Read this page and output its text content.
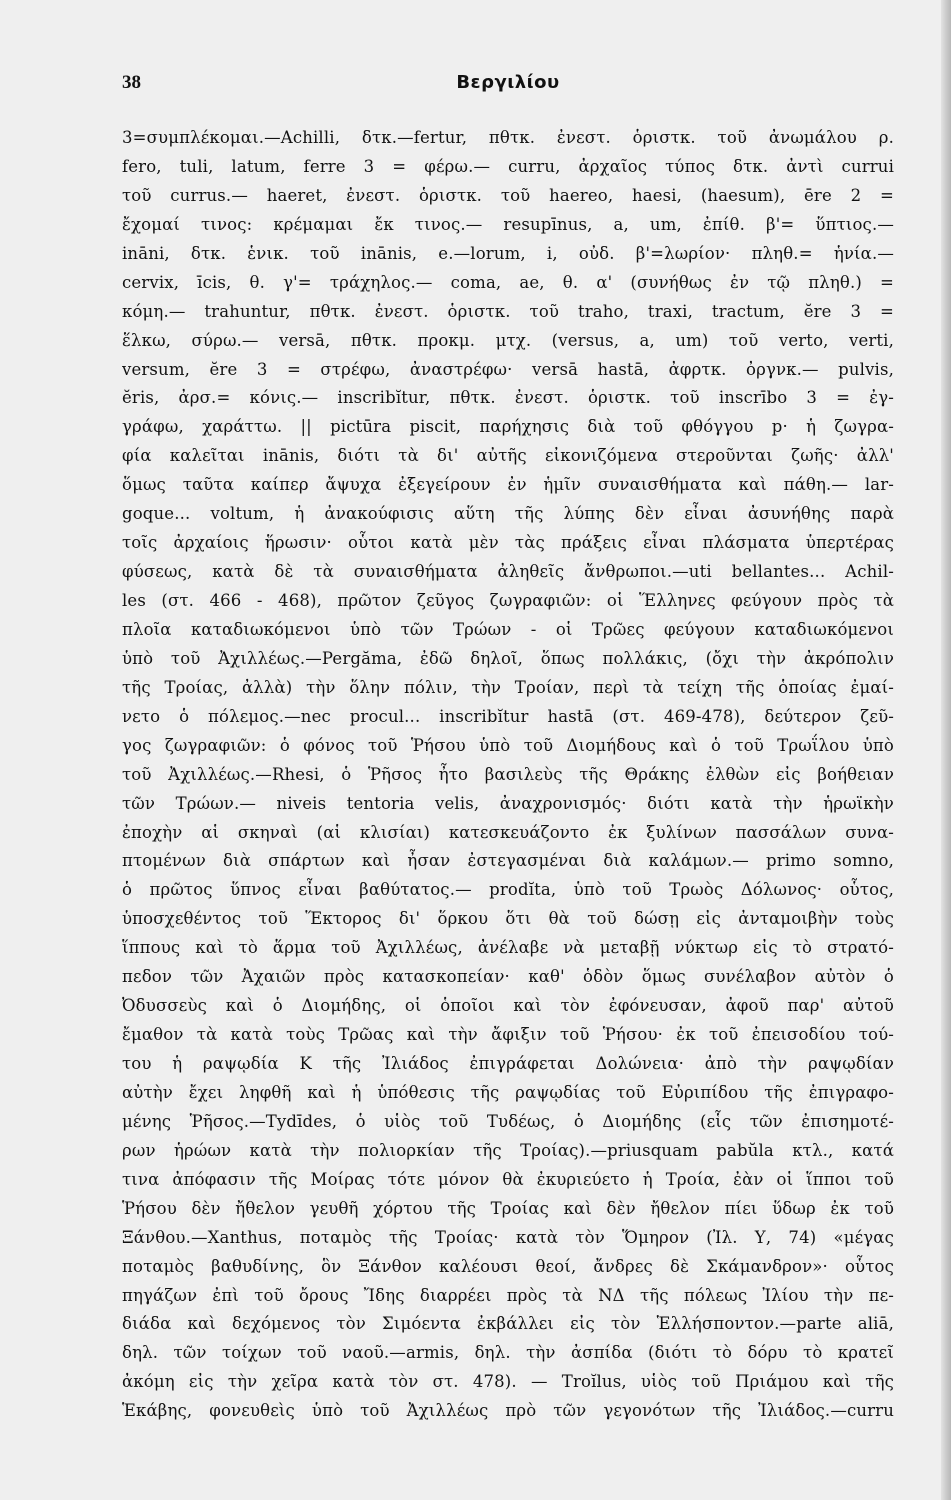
38	Βεργιλίου
3=συμπλέκομαι.—Achilli, δτκ.—fertur, πθτκ. ἐνεστ. ὁριστκ. τοῦ ἀνωμάλου ρ.
fero, tuli, latum, ferre 3 = φέρω.— curru, ἀρχαῖος τύπος δτκ. ἀντὶ currui
τοῦ currus.— haeret, ἐνεστ. ὁριστκ. τοῦ haereo, haesi, (haesum), ēre 2 =
ἔχομαί τινος: κρέμαμαι ἔκ τινος.— resupīnus, a, um, ἐπίθ. β'= ὕπτιος.—
inānі, δτκ. ἑνικ. τοῦ inānis, e.—lorum, i, οὐδ. β'=λωρίον· πληθ.= ἡνία.—
cervix, īcis, θ. γ'= τράχηλος.— coma, ae, θ. α' (συνήθως ἐν τῷ πληθ.) =
κόμη.— trahuntur, πθτκ. ἐνεστ. ὁριστκ. τοῦ traho, traxi, tractum, ĕre 3 =
ἕλκω, σύρω.— versā, πθτκ. προκμ. μτχ. (versus, a, um) τοῦ verto, verti,
versum, ĕre 3 = στρέφω, ἀναστρέφω· versā hastā, ἀφρτκ. ὀργνκ.— pulvis,
ĕris, ἀρσ.= κόνις.— inscribĭtur, πθτκ. ἐνεστ. ὁριστκ. τοῦ inscrībo 3 = ἐγ-
γράφω, χαράττω. || pictūra piscit, παρήχησις διὰ τοῦ φθόγγου p· ἡ ζωγρα-
φία καλεῖται inānis, διότι τὰ δι' αὐτῆς εἰκονιζόμενα στεροῦνται ζωῆς· ἀλλ'
ὅμως ταῦτα καίπερ ἄψυχα ἐξεγείρουν ἐν ἡμῖν συναισθήματα καὶ πάθη.— lar-
goque... voltum, ἡ ἀνακούφισις αὕτη τῆς λύπης δὲν εἶναι ἀσυνήθης παρὰ
τοῖς ἀρχαίοις ἥρωσιν· οὗτοι κατὰ μὲν τὰς πράξεις εἶναι πλάσματα ὑπερτέρας
φύσεως, κατὰ δὲ τὰ συναισθήματα ἀληθεῖς ἄνθρωποι.—uti bellantes... Achil-
les (στ. 466 - 468), πρῶτον ζεῦγος ζωγραφιῶν: οἱ Ἕλληνες φεύγουν πρὸς τὰ
πλοῖα καταδιωκόμενοι ὑπὸ τῶν Τρώων - οἱ Τρῶες φεύγουν καταδιωκόμενοι
ὑπὸ τοῦ Ἀχιλλέως.—Pergăma, ἐδῶ δηλοῖ, ὅπως πολλάκις, (ὄχι τὴν ἀκρόπολιν
τῆς Τροίας, ἀλλὰ) τὴν ὅλην πόλιν, τὴν Τροίαν, περὶ τὰ τείχη τῆς ὁποίας ἐμαί-
νετο ὁ πόλεμος.—nec procul... inscribĭtur hastā (στ. 469-478), δεύτερον ζεῦ-
γος ζωγραφιῶν: ὁ φόνος τοῦ Ῥήσου ὑπὸ τοῦ Διομήδους καὶ ὁ τοῦ Τρωΐλου ὑπὸ
τοῦ Ἀχιλλέως.—Rhesi, ὁ Ῥῆσος ἦτο βασιλεὺς τῆς Θράκης ἐλθὼν εἰς βοήθειαν
τῶν Τρώων.— niveis tentoria velis, ἀναχρονισμός· διότι κατὰ τὴν ἡρωϊκὴν
ἐποχὴν αἱ σκηναὶ (αἱ κλισίαι) κατεσκευάζοντο ἐκ ξυλίνων πασσάλων συνα-
πτομένων διὰ σπάρτων καὶ ἦσαν ἐστεγασμέναι διὰ καλάμων.— primo somno,
ὁ πρῶτος ὕπνος εἶναι βαθύτατος.— prodĭta, ὑπὸ τοῦ Τρωὸς Δόλωνος· οὗτος,
ὑποσχεθέντος τοῦ Ἕκτορος δι' ὅρκου ὅτι θὰ τοῦ δώσῃ εἰς ἀνταμοιβὴν τοὺς
ἵππους καὶ τὸ ἅρμα τοῦ Ἀχιλλέως, ἀνέλαβε νὰ μεταβῇ νύκτωρ εἰς τὸ στρατό-
πεδον τῶν Ἀχαιῶν πρὸς κατασκοπείαν· καθ' ὁδὸν ὅμως συνέλαβον αὐτὸν ὁ
Ὀδυσσεὺς καὶ ὁ Διομήδης, οἱ ὁποῖοι καὶ τὸν ἐφόνευσαν, ἀφοῦ παρ' αὐτοῦ
ἔμαθον τὰ κατὰ τοὺς Τρῶας καὶ τὴν ἄφιξιν τοῦ Ῥήσου· ἐκ τοῦ ἐπεισοδίου τού-
του ἡ ραψῳδία Κ τῆς Ἰλιάδος ἐπιγράφεται Δολώνεια· ἀπὸ τὴν ραψῳδίαν
αὐτὴν ἔχει ληφθῆ καὶ ἡ ὑπόθεσις τῆς ραψῳδίας τοῦ Εὐριπίδου τῆς ἐπιγραφο-
μένης Ῥῆσος.—Tydīdes, ὁ υἱὸς τοῦ Τυδέως, ὁ Διομήδης (εἷς τῶν ἐπισημοτέ-
ρων ἡρώων κατὰ τὴν πολιορκίαν τῆς Τροίας).—priusquam pabŭla κτλ., κατά
τινα ἀπόφασιν τῆς Μοίρας τότε μόνον θὰ ἐκυριεύετο ἡ Τροία, ἐὰν οἱ ἵπποι τοῦ
Ῥήσου δὲν ἤθελον γευθῆ χόρτου τῆς Τροίας καὶ δὲν ἤθελον πίει ὕδωρ ἐκ τοῦ
Ξάνθου.—Xanthus, ποταμὸς τῆς Τροίας· κατὰ τὸν Ὅμηρον (Ἰλ. Υ, 74) «μέγας
ποταμὸς βαθυδίνης, ὃν Ξάνθον καλέουσι θεοί, ἄνδρες δὲ Σκάμανδρον»· οὗτος
πηγάζων ἐπὶ τοῦ ὄρους Ἴδης διαρρέει πρὸς τὰ ΝΔ τῆς πόλεως Ἰλίου τὴν πε-
διάδα καὶ δεχόμενος τὸν Σιμόεντα ἐκβάλλει εἰς τὸν Ἑλλήσποντον.—parte aliā,
δηλ. τῶν τοίχων τοῦ ναοῦ.—armis, δηλ. τὴν ἀσπίδα (διότι τὸ δόρυ τὸ κρατεῖ
ἀκόμη εἰς τὴν χεῖρα κατὰ τὸν στ. 478). — Troĭlus, υἱὸς τοῦ Πριάμου καὶ τῆς
Ἑκάβης, φονευθεὶς ὑπὸ τοῦ Ἀχιλλέως πρὸ τῶν γεγονότων τῆς Ἰλιάδος.—curru
